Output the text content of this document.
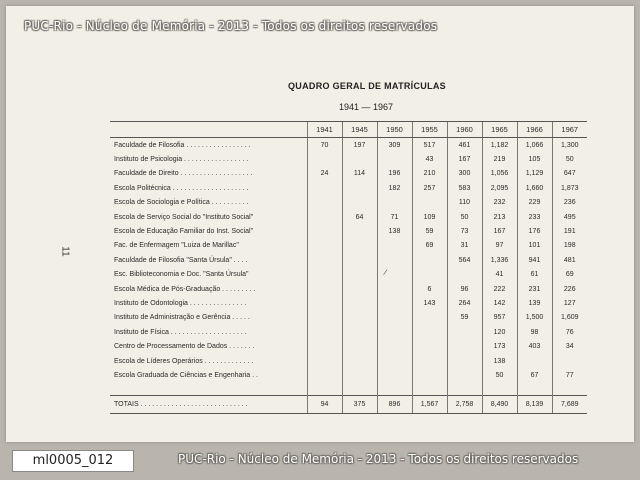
PUC-Rio - Núcleo de Memória - 2013 - Todos os direitos reservados
11
QUADRO GERAL DE MATRÍCULAS
1941 — 1967
/
	1941	1945	1950	1955	1960	1965	1966	1967
Faculdade de Filosofia . . . . . . . . . . . . . . . . .	70	197	309	517	461	1,182	1,066	1,300
Instituto de Psicologia . . . . . . . . . . . . . . . . .				43	167	219	105	50
Faculdade de Direito . . . . . . . . . . . . . . . . . . .	24	114	196	210	300	1,056	1,129	647
Escola Politécnica . . . . . . . . . . . . . . . . . . . .			182	257	583	2,095	1,660	1,873
Escola de Sociologia e Política . . . . . . . . . .					110	232	229	236
Escola de Serviço Social do "Instituto Social"		64	71	109	50	213	233	495
Escola de Educação Familiar do Inst. Social"			138	59	73	167	176	191
Fac. de Enfermagem "Luiza de Marillac"				69	31	97	101	198
Faculdade de Filosofia "Santa Úrsula" . . . .					564	1,336	941	481
Esc. Biblioteconomia e Doc. "Santa Úrsula"						41	61	69
Escola Médica de Pós-Graduação . . . . . . . . .				6	96	222	231	226
Instituto de Odontologia . . . . . . . . . . . . . . .				143	264	142	139	127
Instituto de Administração e Gerência . . . . .					59	957	1,500	1,609
Instituto de Física . . . . . . . . . . . . . . . . . . . .						120	98	76
Centro de Processamento de Dados . . . . . . .						173	403	34
Escola de Líderes Operários . . . . . . . . . . . . .						138		
Escola Graduada de Ciências e Engenharia . .						50	67	77

TOTAIS . . . . . . . . . . . . . . . . . . . . . . . . . . . .	94	375	896	1,567	2,758	8,490	8,139	7,689
ml0005_012	PUC-Rio - Núcleo de Memória - 2013 - Todos os direitos reservados
